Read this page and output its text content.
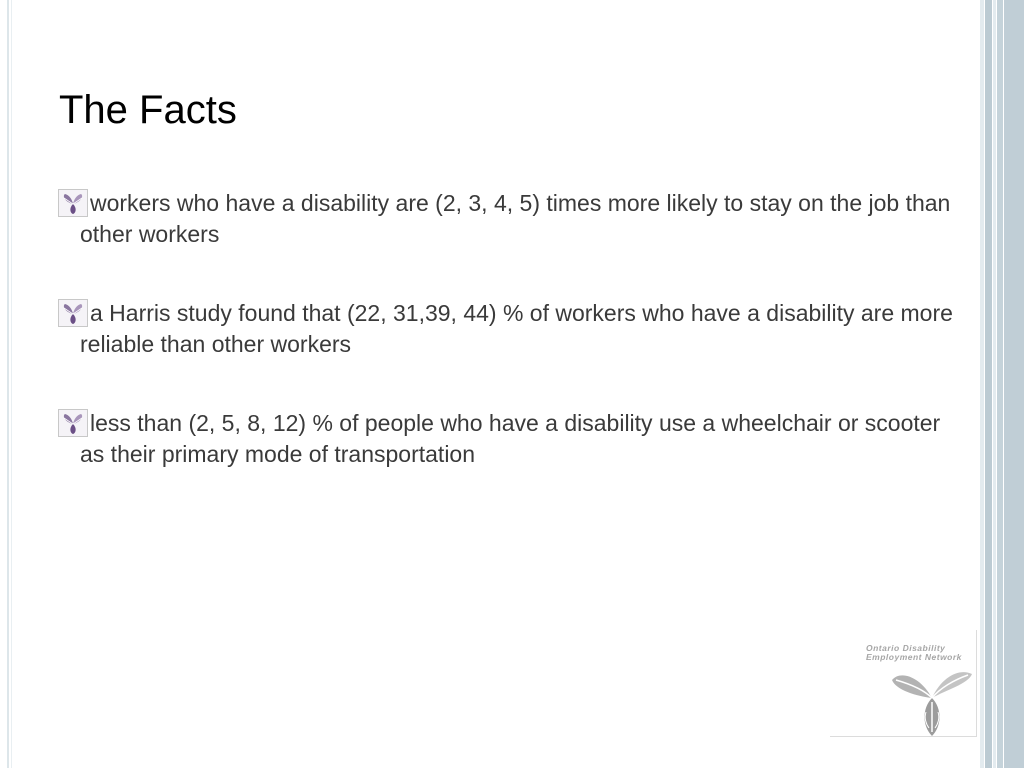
The Facts
workers who have a disability are (2, 3, 4, 5) times more likely to stay on the job than other workers
a Harris study found that (22, 31,39, 44) % of workers who have a disability are more reliable than other workers
less than (2, 5, 8, 12) % of people who have a disability use a wheelchair or scooter as their primary mode of transportation
Ontario Disability
Employment Network
